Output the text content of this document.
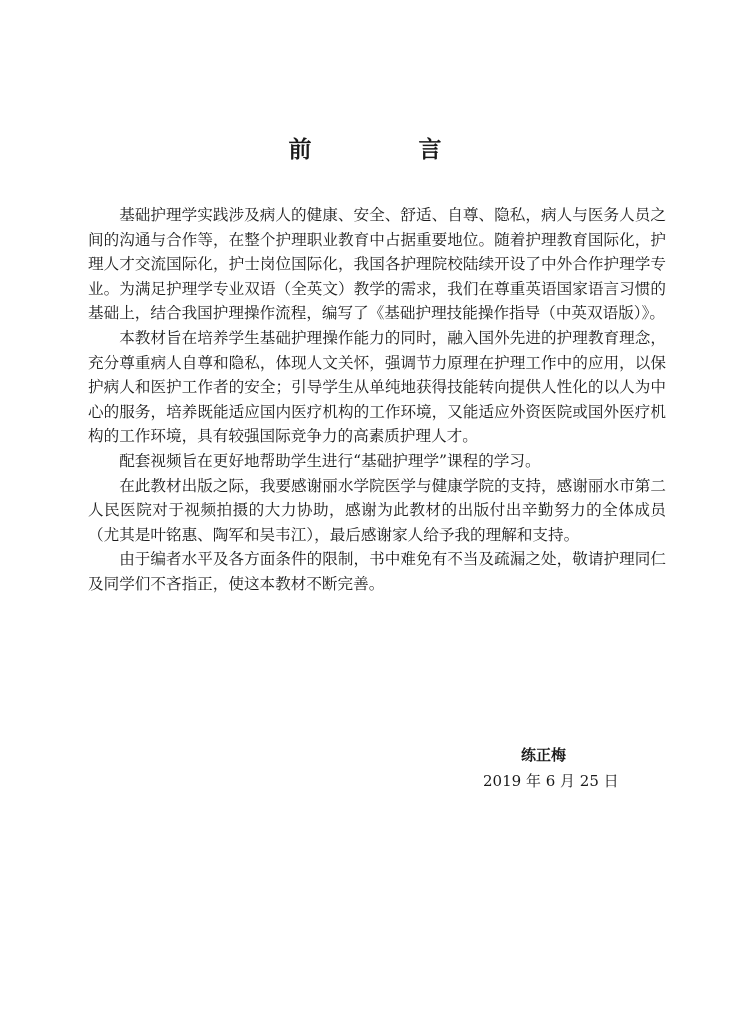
前　言

基础护理学实践涉及病人的健康、安全、舒适、自尊、隐私，病人与医务人员之间的沟通与合作等，在整个护理职业教育中占据重要地位。随着护理教育国际化，护理人才交流国际化，护士岗位国际化，我国各护理院校陆续开设了中外合作护理学专业。为满足护理学专业双语（全英文）教学的需求，我们在尊重英语国家语言习惯的基础上，结合我国护理操作流程，编写了《基础护理技能操作指导（中英双语版）》。

本教材旨在培养学生基础护理操作能力的同时，融入国外先进的护理教育理念，充分尊重病人自尊和隐私，体现人文关怀，强调节力原理在护理工作中的应用，以保护病人和医护工作者的安全；引导学生从单纯地获得技能转向提供人性化的以人为中心的服务，培养既能适应国内医疗机构的工作环境，又能适应外资医院或国外医疗机构的工作环境，具有较强国际竞争力的高素质护理人才。

配套视频旨在更好地帮助学生进行“基础护理学”课程的学习。

在此教材出版之际，我要感谢丽水学院医学与健康学院的支持，感谢丽水市第二人民医院对于视频拍摄的大力协助，感谢为此教材的出版付出辛勤努力的全体成员（尤其是叶铭惠、陶军和吴韦江），最后感谢家人给予我的理解和支持。

由于编者水平及各方面条件的限制，书中难免有不当及疏漏之处，敬请护理同仁及同学们不吝指正，使这本教材不断完善。

练正梅
2019 年 6 月 25 日
